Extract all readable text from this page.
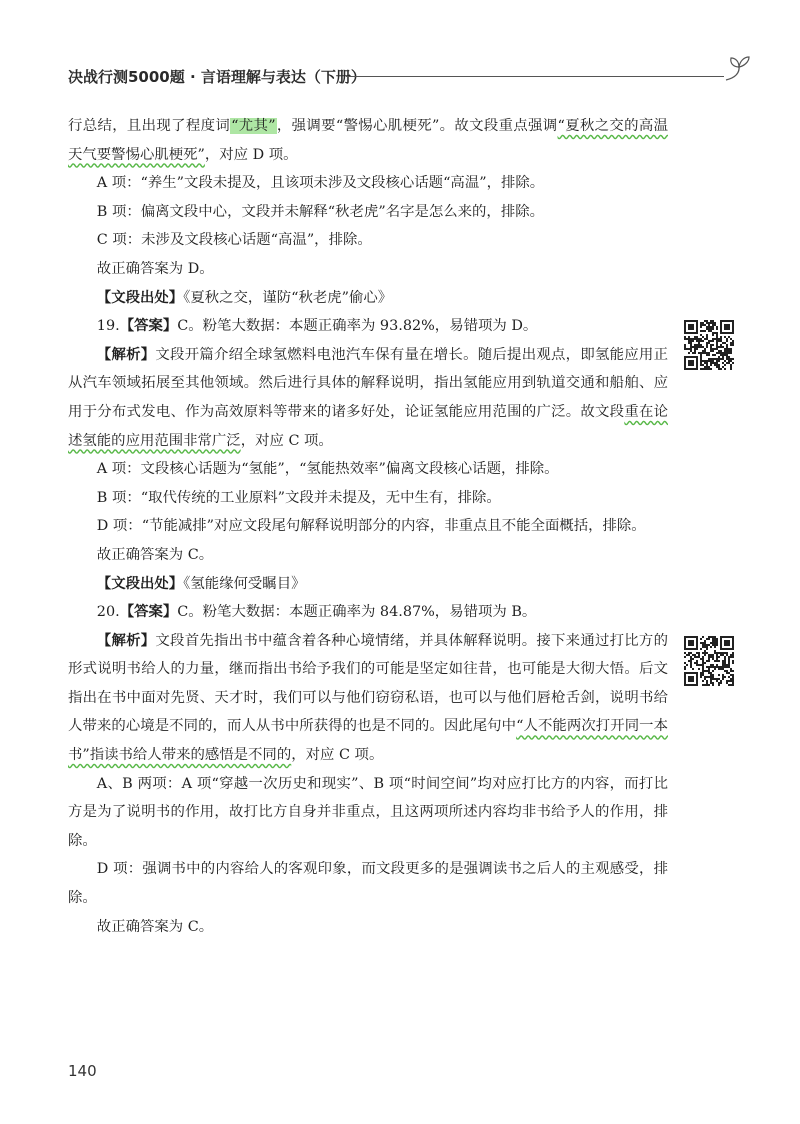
决战行测5000题 · 言语理解与表达（下册）

行总结，且出现了程度词“尤其”，强调要“警惕心肌梗死”。故文段重点强调“夏秋之交的高温天气要警惕心肌梗死”，对应 D 项。

A 项：“养生”文段未提及，且该项未涉及文段核心话题“高温”，排除。

B 项：偏离文段中心，文段并未解释“秋老虎”名字是怎么来的，排除。

C 项：未涉及文段核心话题“高温”，排除。

故正确答案为 D。

【文段出处】《夏秋之交，谨防“秋老虎”偷心》

19.【答案】C。粉笔大数据：本题正确率为 93.82%，易错项为 D。

【解析】文段开篇介绍全球氢燃料电池汽车保有量在增长。随后提出观点，即氢能应用正从汽车领域拓展至其他领域。然后进行具体的解释说明，指出氢能应用到轨道交通和船舶、应用于分布式发电、作为高效原料等带来的诸多好处，论证氢能应用范围的广泛。故文段重在论述氢能的应用范围非常广泛，对应 C 项。

A 项：文段核心话题为“氢能”，“氢能热效率”偏离文段核心话题，排除。

B 项：“取代传统的工业原料”文段并未提及，无中生有，排除。

D 项：“节能减排”对应文段尾句解释说明部分的内容，非重点且不能全面概括，排除。

故正确答案为 C。

【文段出处】《氢能缘何受瞩目》

20.【答案】C。粉笔大数据：本题正确率为 84.87%，易错项为 B。

【解析】文段首先指出书中蕴含着各种心境情绪，并具体解释说明。接下来通过打比方的形式说明书给人的力量，继而指出书给予我们的可能是坚定如往昔，也可能是大彻大悟。后文指出在书中面对先贤、天才时，我们可以与他们窃窃私语，也可以与他们唇枪舌剑，说明书给人带来的心境是不同的，而人从书中所获得的也是不同的。因此尾句中“人不能两次打开同一本书”指读书给人带来的感悟是不同的，对应 C 项。

A、B 两项：A 项“穿越一次历史和现实”、B 项“时间空间”均对应打比方的内容，而打比方是为了说明书的作用，故打比方自身并非重点，且这两项所述内容均非书给予人的作用，排除。

D 项：强调书中的内容给人的客观印象，而文段更多的是强调读书之后人的主观感受，排除。

故正确答案为 C。

140
